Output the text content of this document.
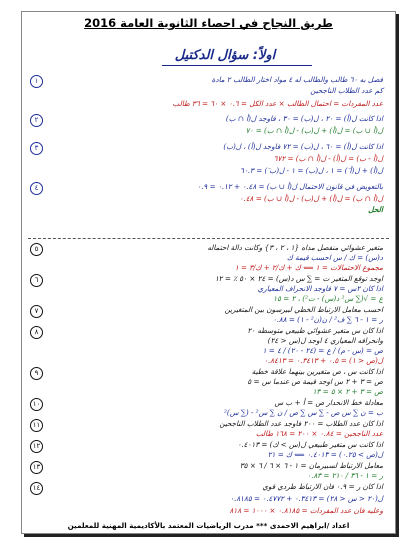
طريق النجاح في احصاء الثانوية العامة 2016
اولاً: سؤال الدكتيل
١	فصل به ٦٠ طالب والطالب له ٤ مواد اختار الطالب ٢ مادة
كم عدد الطلاب الناجحين
عدد المفردات = احتمال الطالب × عدد الكل = ٠.٦ × ٦٠ = ٣٦ طالب
٢	اذا كانت ل(أ) = ٢٠ ، ل(ب) = ٣٠ ، فاوجد ل(أ ∩ ب)
ل(أ ∪ ب) = ل(أ) + ل(ب) - ل(أ ∩ ب) = ٧٠
٣	اذا كانت ل(أ) = ٦٠ ، ل(ب) = ٧٢ فاوجد ل(أ) ، ل(ب)
ل(أ - ب) = ل(أ) - ل(أ ∩ ب) = ٦٧٢
ل(أ) + ل(أ َ) = ١ ، ل(ب) = ١ - ل(ب َ) = ٦٠.٣
٤	بالتعويض في قانون الاحتمال ل(أ ∪ ب) = ٠.٤٨ + ٠.١٢ = ٠.٩
ل(أ ∩ ب) = ل(أ) + ل(ب) - ل(أ ∪ ب) = ٠.٤٨
الحل
٥	متغير عشوائي منفصل مداه {١ ، ٢ ، ٣} وكانت دالة احتماله
د(س) = ك / س احسب قيمة ك
مجموع الاحتمالات = ١ ⟸ ك + ك/٢ + ك/٣ = ١
٦	اوجد توقع المتغير ت = ∑ س د(س) = ٢٤ × ٥٠ ٪ = ١٢
اذا كان ٢س = ٧ فاوجد الانحراف المعياري
ع = √(∑ س² د(س) - ت²) ، ٢ = ١٥
٧	احسب معامل الارتباط الخطي لبيرسون بين المتغيرين
ر = ١ - ٦ ∑ ف² / ن(ن² - ١) = ٠.٨٨
٨	اذا كان س متغير عشوائي طبيعي متوسطه ٢٠
وانحرافه المعياري ٤ اوجد ل(س < ٢٤)
ص = (س - م) / ع = (٢٤ - ٢٠) / ٤ = ١
ل(ص < ١) = ٠.٥ + ٠.٣٤١٣ = ٠.٨٤١٣
٩	اذا كانت س ، ص متغيرين بينهما علاقة خطية
ص = ٣ + ٢ س اوجد قيمة ص عندما س = ٥
ص = ٣ + ٢ × ٥ = ١٣
١٠	معادلة خط الانحدار ص = أ + ب س
ب = ن ∑ س ص - ∑ س ∑ ص / ن ∑ س² - (∑ س)²
١١	اذا كان عدد الطلاب = ٢٠٠ فاوجد عدد الطلاب الناجحين
عدد الناجحين = ٠.٨٤ × ٢٠٠ = ١٦٨ طالب
١٢	اذا كانت س متغير طبيعي ل(س > ك) = ٠.٤٠١٣
ل(ص > ٠.٢٥) = ٠.٤٠١٣ ⟸ ك = ٢١
١٣	معامل الارتباط لسبيرمان = ١ - ٦ × ٦ / ٦ × ٣٥
ر = ١ - ٣٦ / ٢١٠ = ٠.٨٣
١٤	اذا كان ر = ٠.٩ فان الارتباط طردي قوي
ل(٢٠ < س < ٢٨) = ٠.٣٤١٣ + ٠.٤٧٧٢ = ٠.٨١٨٥
وعليه فان عدد المفردات = ٠.٨١٨٥ × ١٠٠٠ = ٨١٨
اعداد /ابراهيم الاحمدى *** مدرب الرياضيات المعتمد بالأكاديمية المهنية للمعلمين
